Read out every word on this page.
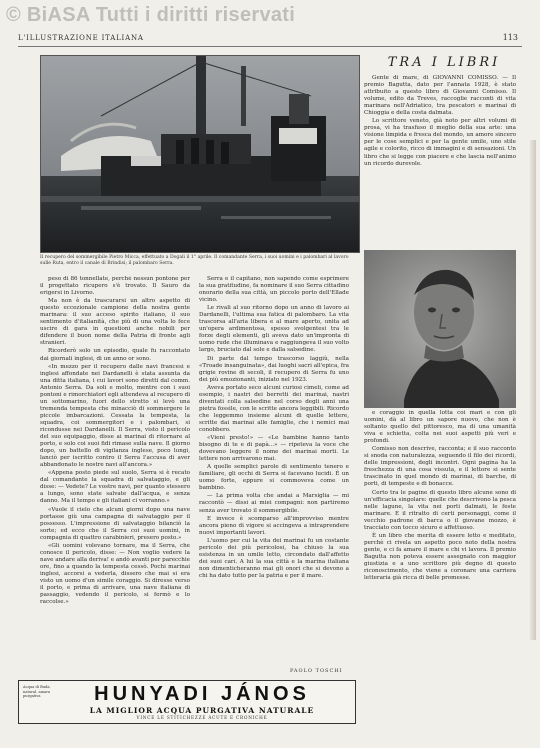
© BiASA Tutti i diritti riservati
L'ILLUSTRAZIONE ITALIANA	113
Il recupero del sommergibile Pietro Micca, effettuato a Dogali il 1° aprile. Il comandante Serra, i suoi uomini e i palombari al lavoro sulle Ruta, entro il canale di Brindisi; il palombaro Serra.

peso di 86 tonnellate, perchè nessun pontone per il progettato ricupero s'è trovato. Il Sauro da erigersi in Livorno.

Ma non è da trascurarsi un altro aspetto di questo eccezionale campione della nostra gente marinara: il suo acceso spirito italiano, il suo sentimento d'italianità, che più di una volta lo fece uscire di gara in questioni anche nobili per difendere il buon nome della Patria di fronte agli stranieri.

Ricorderò solo un episodio, quale fu raccontato dai giornali inglesi, di un anno or sono.

«In mezzo per il recupero dalle navi francesi e inglesi affondate nei Dardanelli è stata assunta da una ditta italiana, i cui lavori sono diretti dal comm. Antonio Serra. Da soli e molto, mentre con i suoi pontoni e rimorchiatori egli attendeva al recupero di un sottomarino, fuori dello stretto si levò una tremenda tempesta che minacciò di sommergere le piccole imbarcazioni. Cessata la tempesta, la squadra, coi sommergitori e i palombari, si ricondusse nei Dardanelli. Il Serra, visto il pericolo del suo equipaggio, disse ai marinai di ritornare al porto, e solo coi suoi fidi rimase sulla nave. Il giorno dopo, un battello di vigilanza inglese, poco lungi, lanciò per iscritto contro il Serra l'accusa di aver abbandonato le nostre navi all'ancora.»

«Appena posto piede sul suolo, Serra si è recato dal comandante la squadra di salvataggio, e gli disse: — Vedete? Le vostre navi, per quanto stessero a lungo, sono state salvate dall'acqua, e senza danno. Ma il tempo e gli italiani ci vorranno.»

«Vuole il cielo che alcuni giorni dopo una nave portasse giù una campagna di salvataggio per il possesso. L'impressione di salvataggio bilanciò la sorte; ed ecco che il Serra coi suoi uomini, in compagnia di quattro carabinieri, presero posto.»

«Gli uomini volevano tornare, ma il Serra, che conosce il pericolo, disse: — Non voglio vedere la nave andare alla deriva! e andò avanti per parecchie ore, fino a quando la tempesta cessò. Pochi marinai inglesi, accorsi a vederla, dissero che mai si era visto un uomo d'un simile coraggio. Si diresse verso il porto, e prima di arrivare, una nave italiana di passaggio, vedendo il pericolo, si fermò e lo raccolse.»

Serra e il capitano, non sapendo come esprimere la sua gratitudine, fa nominare il suo Serra cittadino onorario della sua città, un piccolo porto dell'Ellade vicino.

Le rivali al suo ritorno dopo un anno di lavoro ai Dardanelli, l'ultima sua fatica di palombaro. La vita trascorsa all'aria libera e al mare aperto, unita ad un'opera ardimentosa, spesso svolgentesi tra le forze degli elementi, gli aveva dato un'impronta di uomo rude che illuminava e raggiungeva il suo volto largo, bruciato dal sole e dalla salsedine.

Di parte dal tempo trascorso laggiù, nella «Troade insanguinata», dai luoghi sacri all'epica, fra grigie rovine di secoli, il recupero di Serra fu uno dei più emozionanti, iniziato nel 1923.

Aveva portato seco alcuni curiosi cimeli, come ad esempio, i nastri dei berretti dei marinai, nastri diventati colla salsedine nel corso degli anni una pietra fossile, con le scritte ancora leggibili. Ricordo che leggemmo insieme alcuni di quelle lettere, scritte dai marinai alle famiglie, che i nemici mai conobbero.

«Vieni presto!» — «Le bambine hanno tanto bisogno di te e di papà...» — ripeteva la voce che dovevano leggere il nome dei marinai morti. Le lettere non arrivarono mai.

A quelle semplici parole di sentimento tenero e familiare, gli occhi di Serra si facevano lucidi. È un uomo forte, eppure si commoveva come un bambino.

— La prima volta che andai a Marsiglia — mi raccontò — dissi ai miei compagni: non partiremo senza aver trovato il sommergibile.

E invece è scomparso all'improvviso mentre ancora pieno di vigore si accingeva a intraprendere nuovi importanti lavori.

L'uomo per cui la vita dei marinai fu un costante pericolo dei più pericolosi, ha chiuso la sua esistenza in un umile letto, circondato dall'affetto dei suoi cari. A lui la sua città e la marina italiana non dimenticheranno mai gli onori che si devono a chi ha dato tutto per la patria e per il mare.

PAOLO TOSCHI
TRA I LIBRI

Gente di mare, di GIOVANNI COMISSO. — Il premio Bagutta, dato per l'annata 1928, è stato attribuito a questo libro di Giovanni Comisso. Il volume, edito da Treves, raccoglie racconti di vita marinara nell'Adriatico, tra pescatori e marinai di Chioggia e della costa dalmata.

Lo scrittore veneto, già noto per altri volumi di prosa, vi ha trasfuso il meglio della sua arte: una visione limpida e fresca del mondo, un amore sincero per le cose semplici e per la gente umile, uno stile agile e colorito, ricco di immagini e di sensazioni. Un libro che si legge con piacere e che lascia nell'animo un ricordo durevole.

e coraggio in quella lotta coi mari e con gli uomini, dà al libro un sapore nuovo, che non è soltanto quello del pittoresco, ma di una umanità viva e schietta, colta nei suoi aspetti più veri e profondi.

Comisso non descrive, racconta; e il suo racconto si snoda con naturalezza, seguendo il filo dei ricordi, delle impressioni, degli incontri. Ogni pagina ha la freschezza di una cosa vissuta, e il lettore si sente trascinato in quel mondo di marinai, di barche, di porti, di tempeste e di bonacce.

Certo tra le pagine di questo libro alcune sono di un'efficacia singolare: quelle che descrivono la pesca nelle lagune, la vita nei porti dalmati, le feste marinare. E il ritratto di certi personaggi, come il vecchio padrone di barca o il giovane mozzo, è tracciato con tocco sicuro e affettuoso.

È un libro che merita di essere letto e meditato, perchè ci rivela un aspetto poco noto della nostra gente, e ci fa amare il mare e chi vi lavora. Il premio Bagutta non poteva essere assegnato con maggior giustizia e a uno scrittore più degno di questo riconoscimento, che viene a coronare una carriera letteraria già ricca di belle promesse.

Acqua di Buda, natural. amara purgativa	HUNYADI JÁNOS
LA MIGLIOR ACQUA PURGATIVA NATURALE
VINCE LE STITICHEZZE ACUTE E CRONICHE
